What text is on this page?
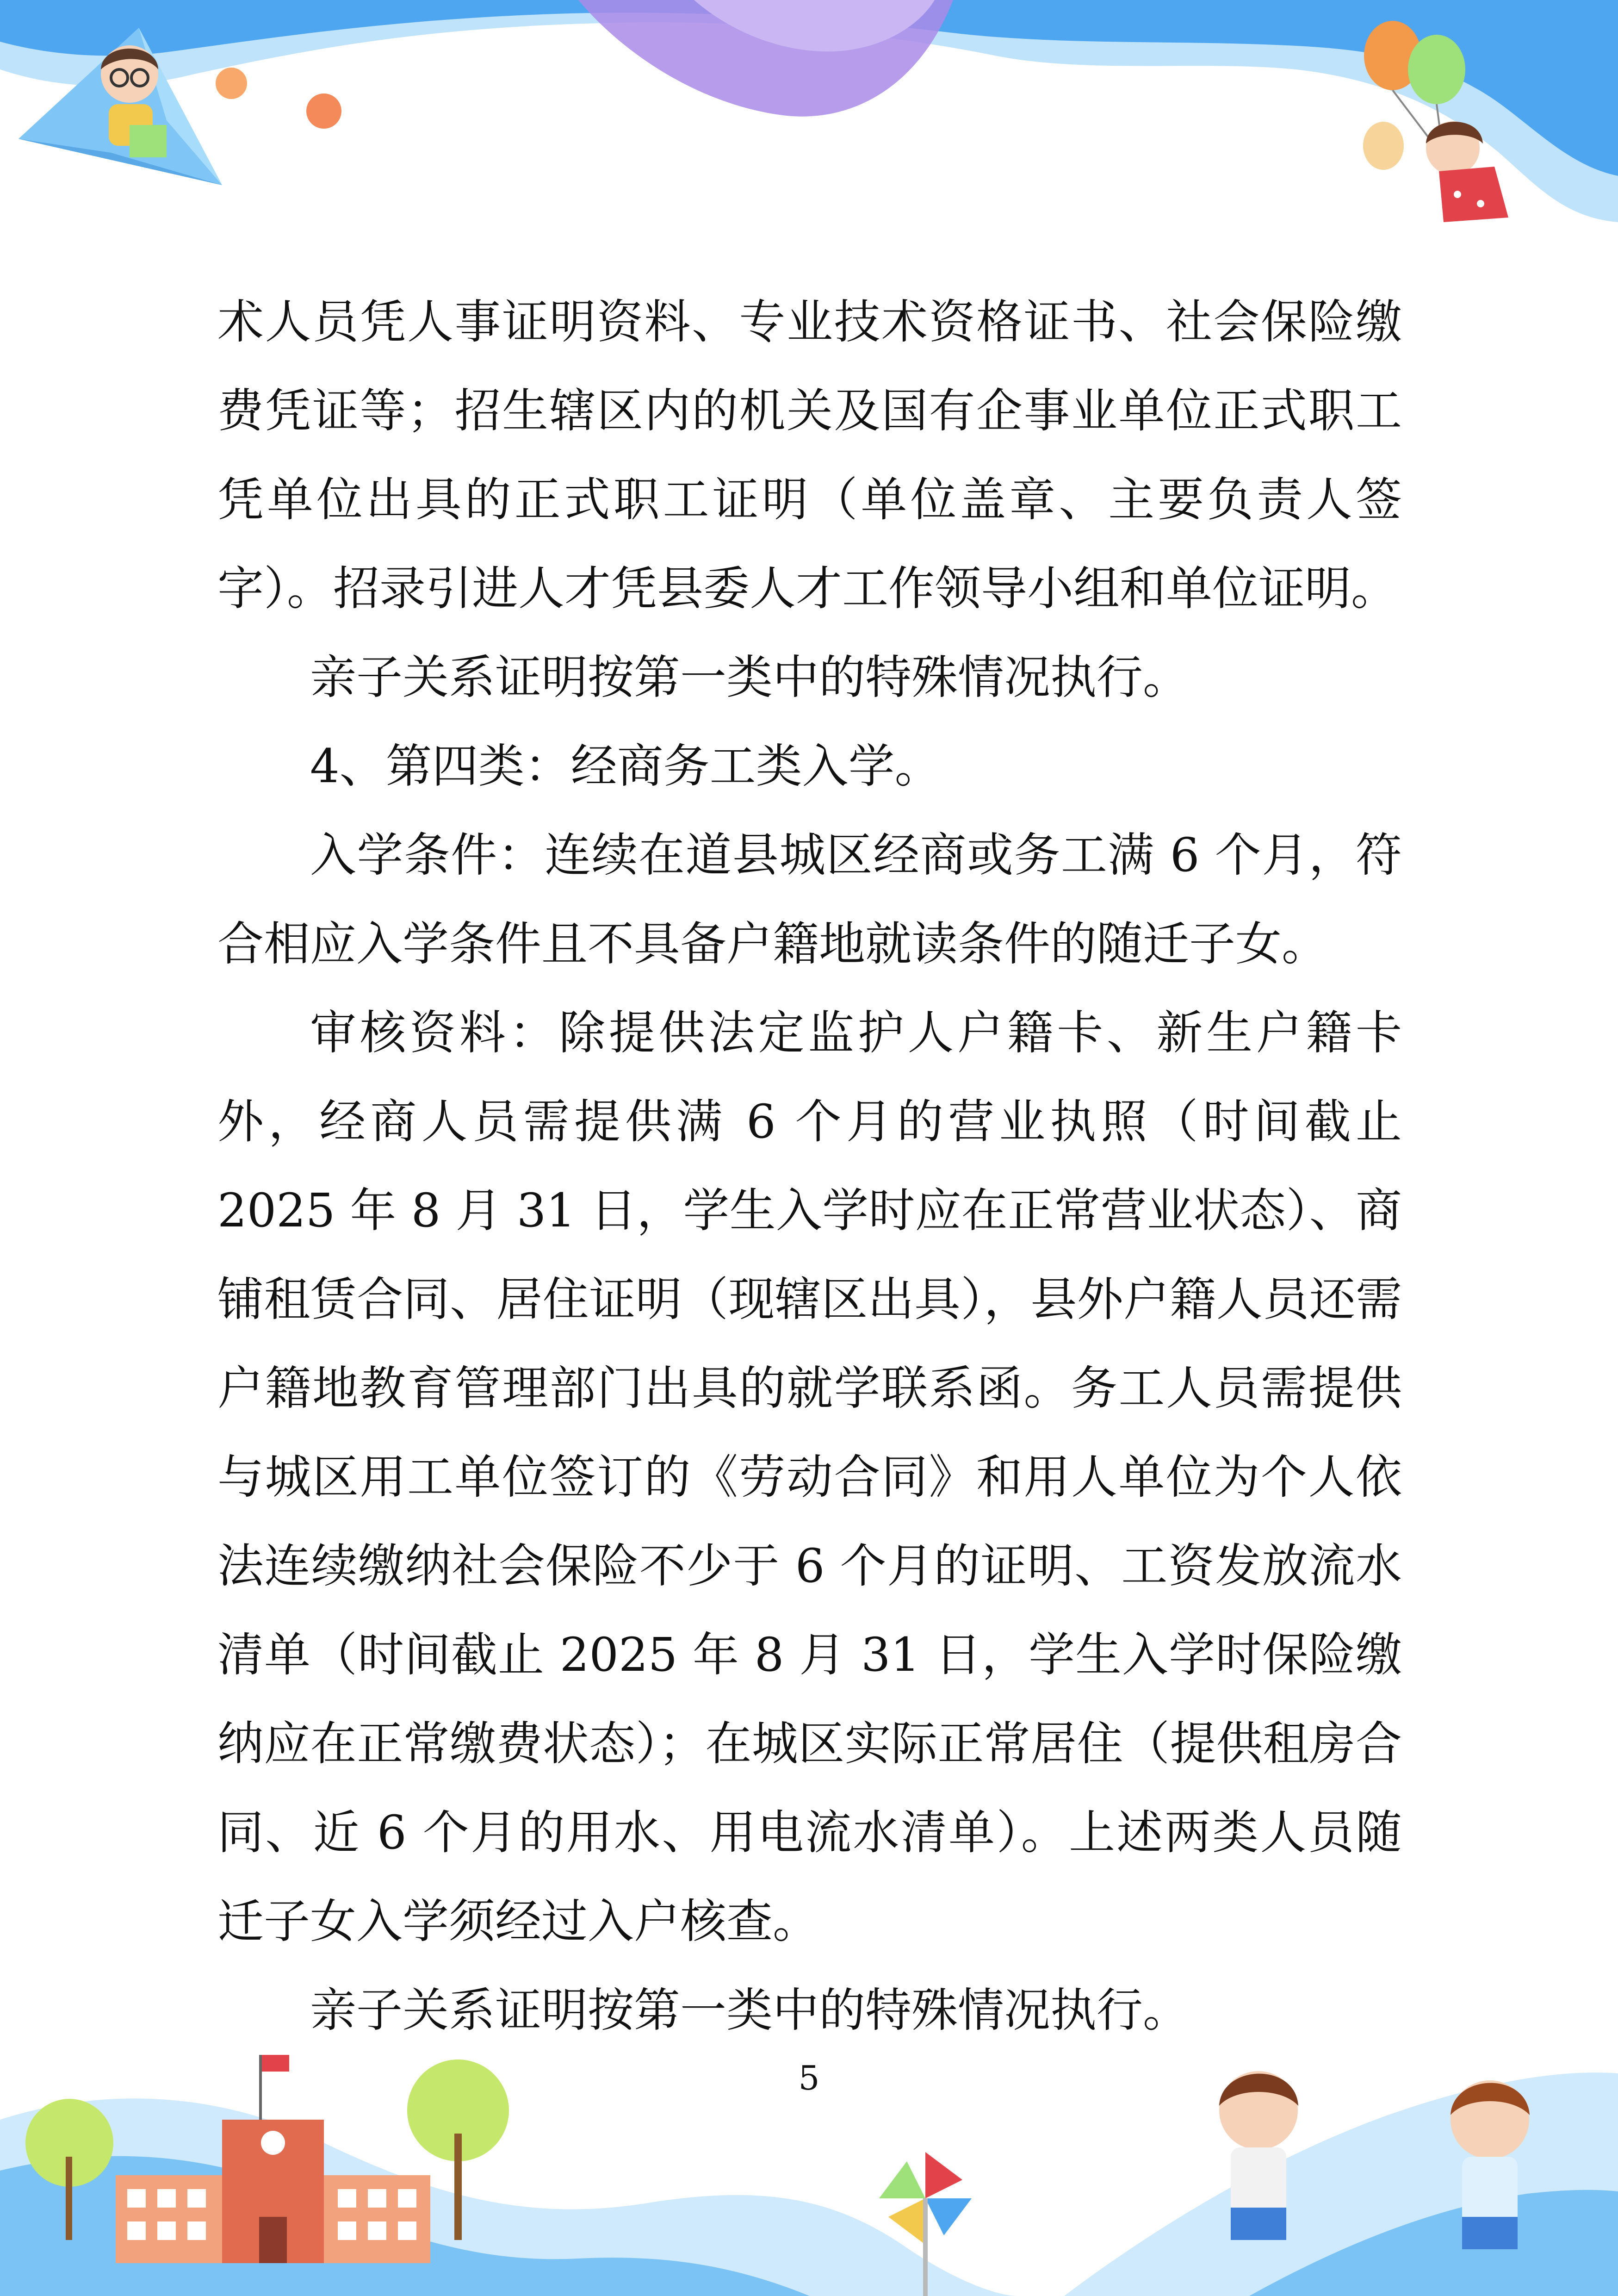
术人员凭人事证明资料、专业技术资格证书、社会保险缴费凭证等；招生辖区内的机关及国有企事业单位正式职工凭单位出具的正式职工证明（单位盖章、主要负责人签字）。招录引进人才凭县委人才工作领导小组和单位证明。

亲子关系证明按第一类中的特殊情况执行。

4、第四类：经商务工类入学。

入学条件：连续在道县城区经商或务工满 6 个月，符合相应入学条件且不具备户籍地就读条件的随迁子女。

审核资料：除提供法定监护人户籍卡、新生户籍卡外，经商人员需提供满 6 个月的营业执照（时间截止 2025 年 8 月 31 日，学生入学时应在正常营业状态）、商铺租赁合同、居住证明（现辖区出具），县外户籍人员还需户籍地教育管理部门出具的就学联系函。务工人员需提供与城区用工单位签订的《劳动合同》和用人单位为个人依法连续缴纳社会保险不少于 6 个月的证明、工资发放流水清单（时间截止 2025 年 8 月 31 日，学生入学时保险缴纳应在正常缴费状态）；在城区实际正常居住（提供租房合同、近 6 个月的用水、用电流水清单）。上述两类人员随迁子女入学须经过入户核查。

亲子关系证明按第一类中的特殊情况执行。

5
